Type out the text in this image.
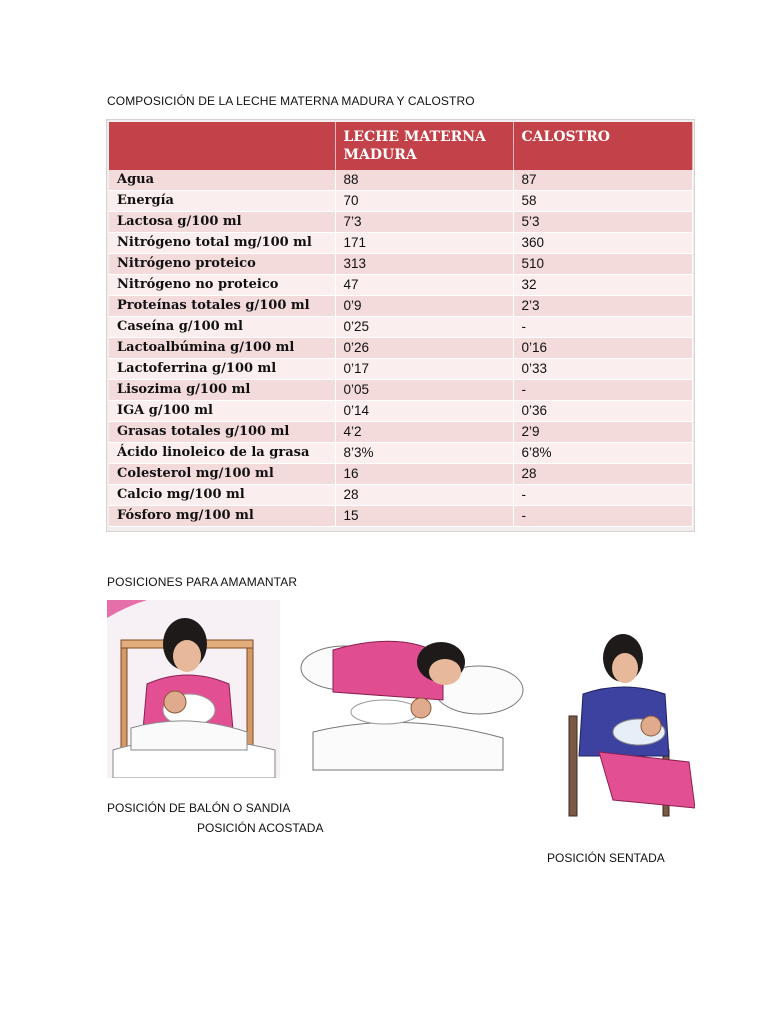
COMPOSICIÓN DE LA LECHE MATERNA MADURA Y CALOSTRO
	LECHE MATERNA MADURA	CALOSTRO
Agua	88	87
Energía	70	58
Lactosa g/100 ml	7’3	5’3
Nitrógeno total mg/100 ml	171	360
Nitrógeno proteico	313	510
Nitrógeno no proteico	47	32
Proteínas totales g/100 ml	0’9	2’3
Caseína g/100 ml	0’25	-
Lactoalbúmina g/100 ml	0’26	0’16
Lactoferrina g/100 ml	0’17	0’33
Lisozima g/100 ml	0’05	-
IGA g/100 ml	0’14	0’36
Grasas totales g/100 ml	4’2	2’9
Ácido linoleico de la grasa	8’3%	6’8%
Colesterol mg/100 ml	16	28
Calcio mg/100 ml	28	-
Fósforo mg/100 ml	15	-
POSICIONES PARA AMAMANTAR
POSICIÓN DE BALÓN O SANDIA
POSICIÓN ACOSTADA
POSICIÓN SENTADA
